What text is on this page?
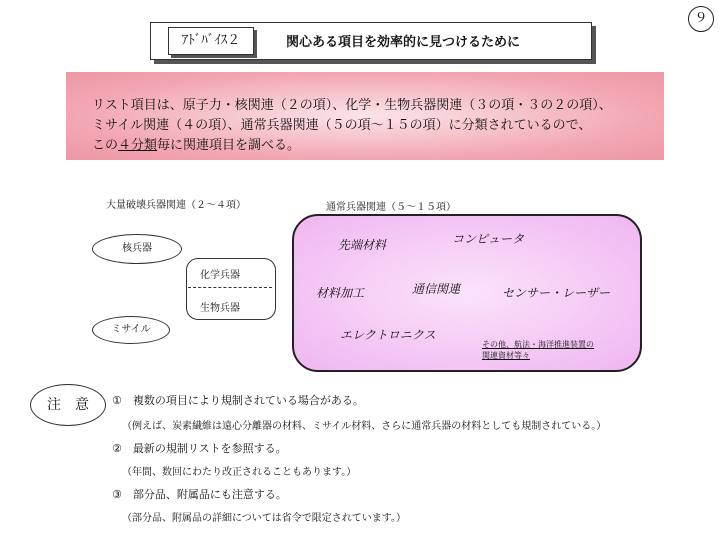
９
ｱﾄﾞﾊﾞｲｽ２	関心ある項目を効率的に見つけるために
リスト項目は、原子力・核関連（２の項）、化学・生物兵器関連（３の項・３の２の項）、
ミサイル関連（４の項）、通常兵器関連（５の項～１５の項）に分類されているので、
この４分類毎に関連項目を調べる。
大量破壊兵器関連（２～４項）	通常兵器関連（５～１５項）
核兵器
化学兵器
生物兵器
ミサイル
コンピュータ
先端材料
材料加工	通信関連	センサー・レーザー
エレクトロニクス
その他、航法・海洋推進装置の
関連資材等々
注　意	①　複数の項目により規制されている場合がある。
（例えば、炭素繊維は遠心分離器の材料、ミサイル材料、さらに通常兵器の材料としても規制されている。）
②　最新の規制リストを参照する。
（年間、数回にわたり改正されることもあります。）
③　部分品、附属品にも注意する。
（部分品、附属品の詳細については省令で限定されています。）
